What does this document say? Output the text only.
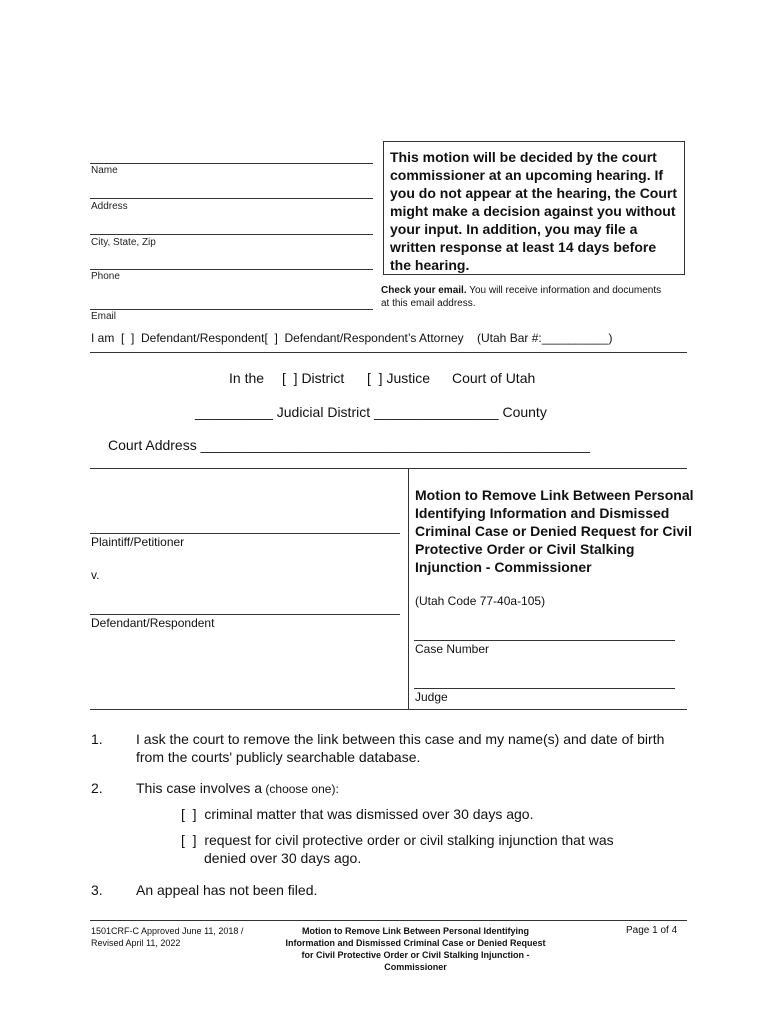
Name
Address
City, State, Zip
Phone
Email
This motion will be decided by the court commissioner at an upcoming hearing. If you do not appear at the hearing, the Court might make a decision against you without your input. In addition, you may file a written response at least 14 days before the hearing.
Check your email. You will receive information and documents at this email address.
I am  [  ]  Defendant/Respondent[  ]  Defendant/Respondent’s Attorney    (Utah Bar #:__________)
In the [  ] District [  ] Justice Court of Utah
__________ Judicial District ________________ County
Court Address __________________________________________________
Plaintiff/Petitioner
v.
Defendant/Respondent
Motion to Remove Link Between Personal Identifying Information and Dismissed Criminal Case or Denied Request for Civil Protective Order or Civil Stalking Injunction - Commissioner
(Utah Code 77-40a-105)
Case Number
Judge
1. I ask the court to remove the link between this case and my name(s) and date of birth from the courts' publicly searchable database.
2. This case involves a (choose one):
[  ]  criminal matter that was dismissed over 30 days ago.
[  ]  request for civil protective order or civil stalking injunction that was
denied over 30 days ago.
3. An appeal has not been filed.
1501CRF-C Approved June 11, 2018 / Revised April 11, 2022
Motion to Remove Link Between Personal Identifying Information and Dismissed Criminal Case or Denied Request for Civil Protective Order or Civil Stalking Injunction - Commissioner
Page 1 of 4
